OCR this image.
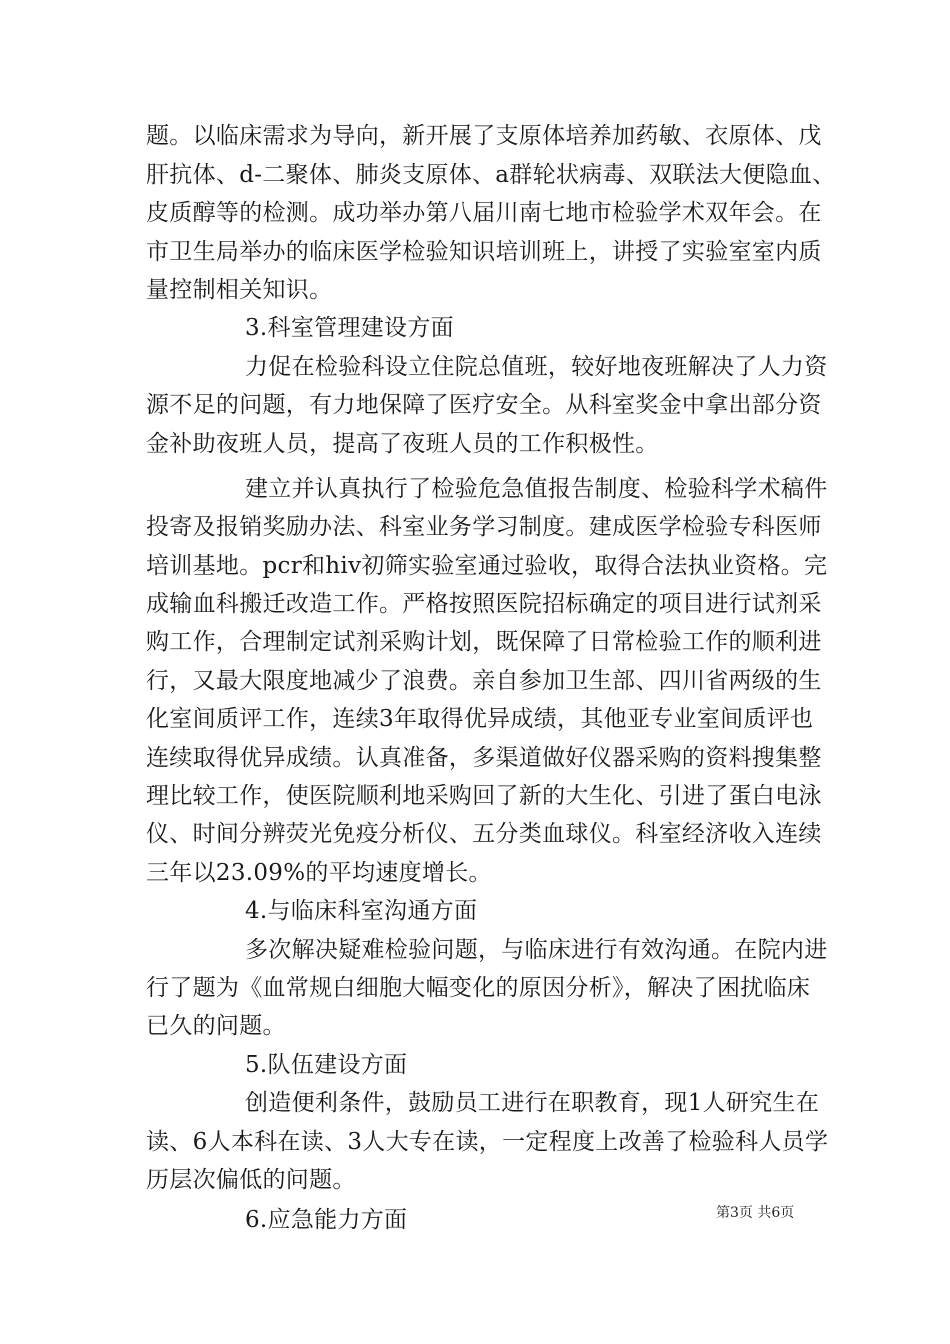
题。以临床需求为导向，新开展了支原体培养加药敏、衣原体、戊
肝抗体、d-二聚体、肺炎支原体、a群轮状病毒、双联法大便隐血、
皮质醇等的检测。成功举办第八届川南七地市检验学术双年会。在
市卫生局举办的临床医学检验知识培训班上，讲授了实验室室内质
量控制相关知识。
3.科室管理建设方面
力促在检验科设立住院总值班，较好地夜班解决了人力资
源不足的问题，有力地保障了医疗安全。从科室奖金中拿出部分资
金补助夜班人员，提高了夜班人员的工作积极性。
建立并认真执行了检验危急值报告制度、检验科学术稿件
投寄及报销奖励办法、科室业务学习制度。建成医学检验专科医师
培训基地。pcr和hiv初筛实验室通过验收，取得合法执业资格。完
成输血科搬迁改造工作。严格按照医院招标确定的项目进行试剂采
购工作，合理制定试剂采购计划，既保障了日常检验工作的顺利进
行，又最大限度地减少了浪费。亲自参加卫生部、四川省两级的生
化室间质评工作，连续3年取得优异成绩，其他亚专业室间质评也
连续取得优异成绩。认真准备，多渠道做好仪器采购的资料搜集整
理比较工作，使医院顺利地采购回了新的大生化、引进了蛋白电泳
仪、时间分辨荧光免疫分析仪、五分类血球仪。科室经济收入连续
三年以23.09%的平均速度增长。
4.与临床科室沟通方面
多次解决疑难检验问题，与临床进行有效沟通。在院内进
行了题为《血常规白细胞大幅变化的原因分析》，解决了困扰临床
已久的问题。
5.队伍建设方面
创造便利条件，鼓励员工进行在职教育，现1人研究生在
读、6人本科在读、3人大专在读，一定程度上改善了检验科人员学
历层次偏低的问题。
6.应急能力方面	第3页 共6页
